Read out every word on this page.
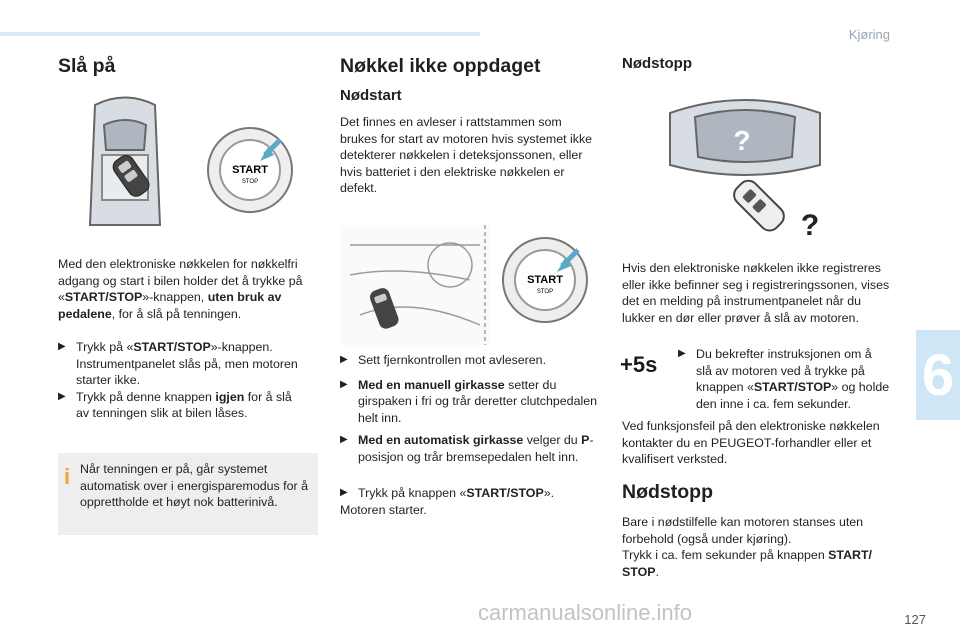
Kjøring
6
127
Slå på
START
STOP

Med den elektroniske nøkkelen for nøkkelfri adgang og start i bilen holder det å trykke på «START/STOP»-knappen, uten bruk av pedalene, for å slå på tenningen.

▶ Trykk på «START/STOP»-knappen.
Instrumentpanelet slås på, men motoren starter ikke.
▶ Trykk på denne knappen igjen for å slå av tenningen slik at bilen låses.
i Når tenningen er på, går systemet automatisk over i energisparemodus for å opprettholde et høyt nok batterinivå.

Nøkkel ikke oppdaget
Nødstart

Det finnes en avleser i rattstammen som brukes for start av motoren hvis systemet ikke detekterer nøkkelen i deteksjonssonen, eller hvis batteriet i den elektriske nøkkelen er defekt.

START
STOP
▶ Sett fjernkontrollen mot avleseren.
▶ Med en manuell girkasse setter du girspaken i fri og trår deretter clutchpedalen helt inn.
▶ Med en automatisk girkasse velger du P-posisjon og trår bremsepedalen helt inn.
▶ Trykk på knappen «START/STOP».

Motoren starter.

Nødstopp
?
?

Hvis den elektroniske nøkkelen ikke registreres eller ikke befinner seg i registreringssonen, vises det en melding på instrumentpanelet når du lukker en dør eller prøver å slå av motoren.

+5s	▶ Du bekrefter instruksjonen om å slå av motoren ved å trykke på knappen «START/STOP» og holde den inne i ca. fem sekunder.

Ved funksjonsfeil på den elektroniske nøkkelen kontakter du en PEUGEOT-forhandler eller et kvalifisert verksted.

Nødstopp

Bare i nødstilfelle kan motoren stanses uten forbehold (også under kjøring).

Trykk i ca. fem sekunder på knappen START/ STOP.

carmanualsonline.info
